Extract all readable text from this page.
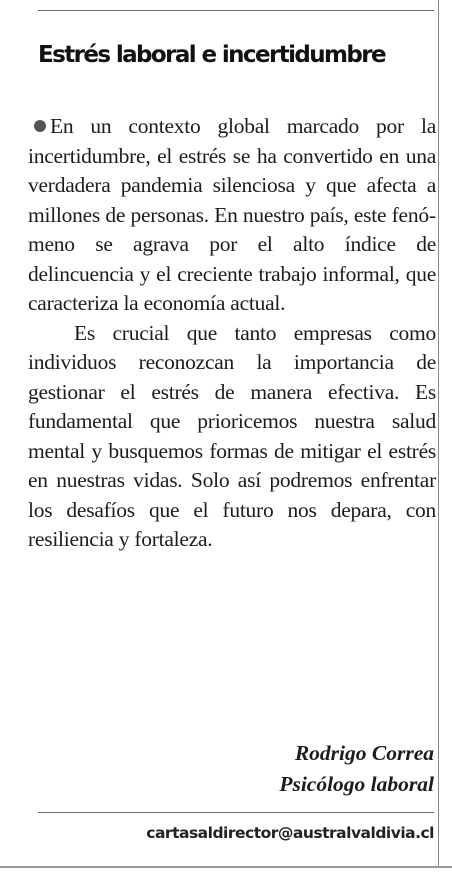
Estrés laboral e incertidumbre

En un contexto global marcado por la incertidumbre, el estrés se ha convertido en una verdadera pandemia silenciosa y que afecta a millones de personas. En nuestro país, este fenómeno se agrava por el alto índice de delincuencia y el creciente trabajo informal, que caracteriza la economía actual.

Es crucial que tanto empresas como individuos reconozcan la importancia de gestionar el estrés de manera efectiva. Es fundamental que prioricemos nuestra salud mental y busquemos formas de mitigar el estrés en nuestras vidas. Solo así podremos enfrentar los desafíos que el futuro nos depara, con resiliencia y fortaleza.

Rodrigo Correa
Psicólogo laboral
cartasaldirector@australvaldivia.cl
